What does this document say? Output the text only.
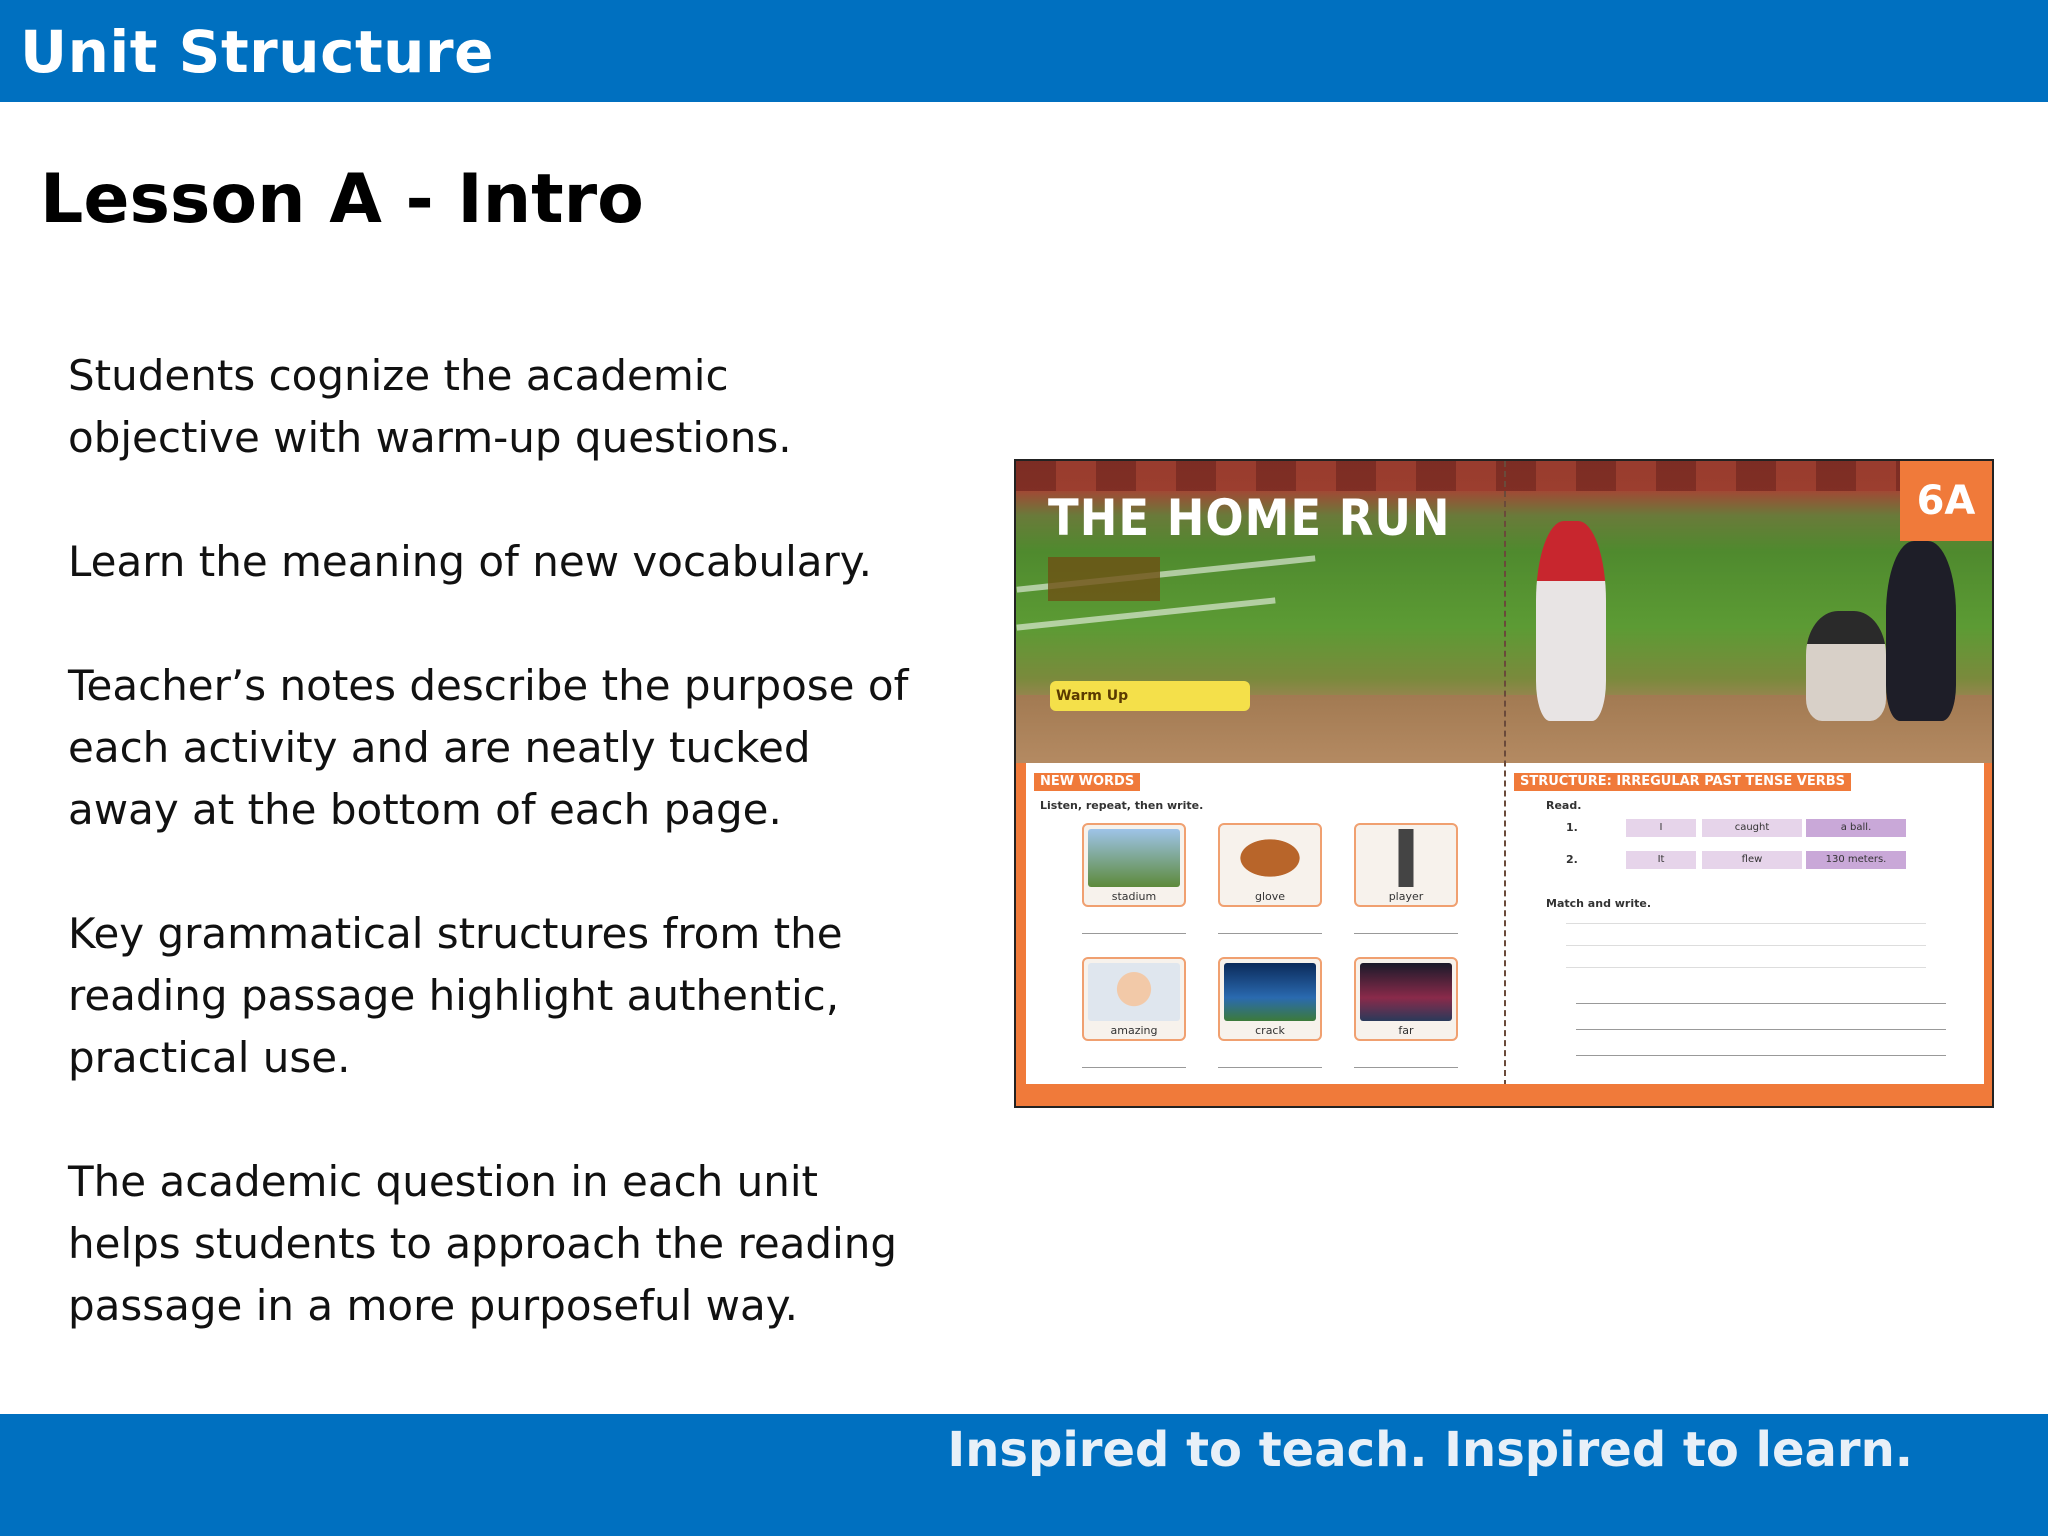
Unit Structure
Lesson A - Intro

Students cognize the academic objective with warm-up questions.

Learn the meaning of new vocabulary.

Teacher’s notes describe the purpose of each activity and are neatly tucked away at the bottom of each page.

Key grammatical structures from the reading passage highlight authentic, practical use.

The academic question in each unit helps students to approach the reading passage in a more purposeful way.

THE HOME RUN
Warm Up
6A
NEW WORDS
Listen, repeat, then write.
stadium	glove	player
amazing	crack	far
STRUCTURE: IRREGULAR PAST TENSE VERBS
Read.
1.	I	caught	a ball.
2.	It	flew	130 meters.
Match and write.
Inspired to teach. Inspired to learn.
